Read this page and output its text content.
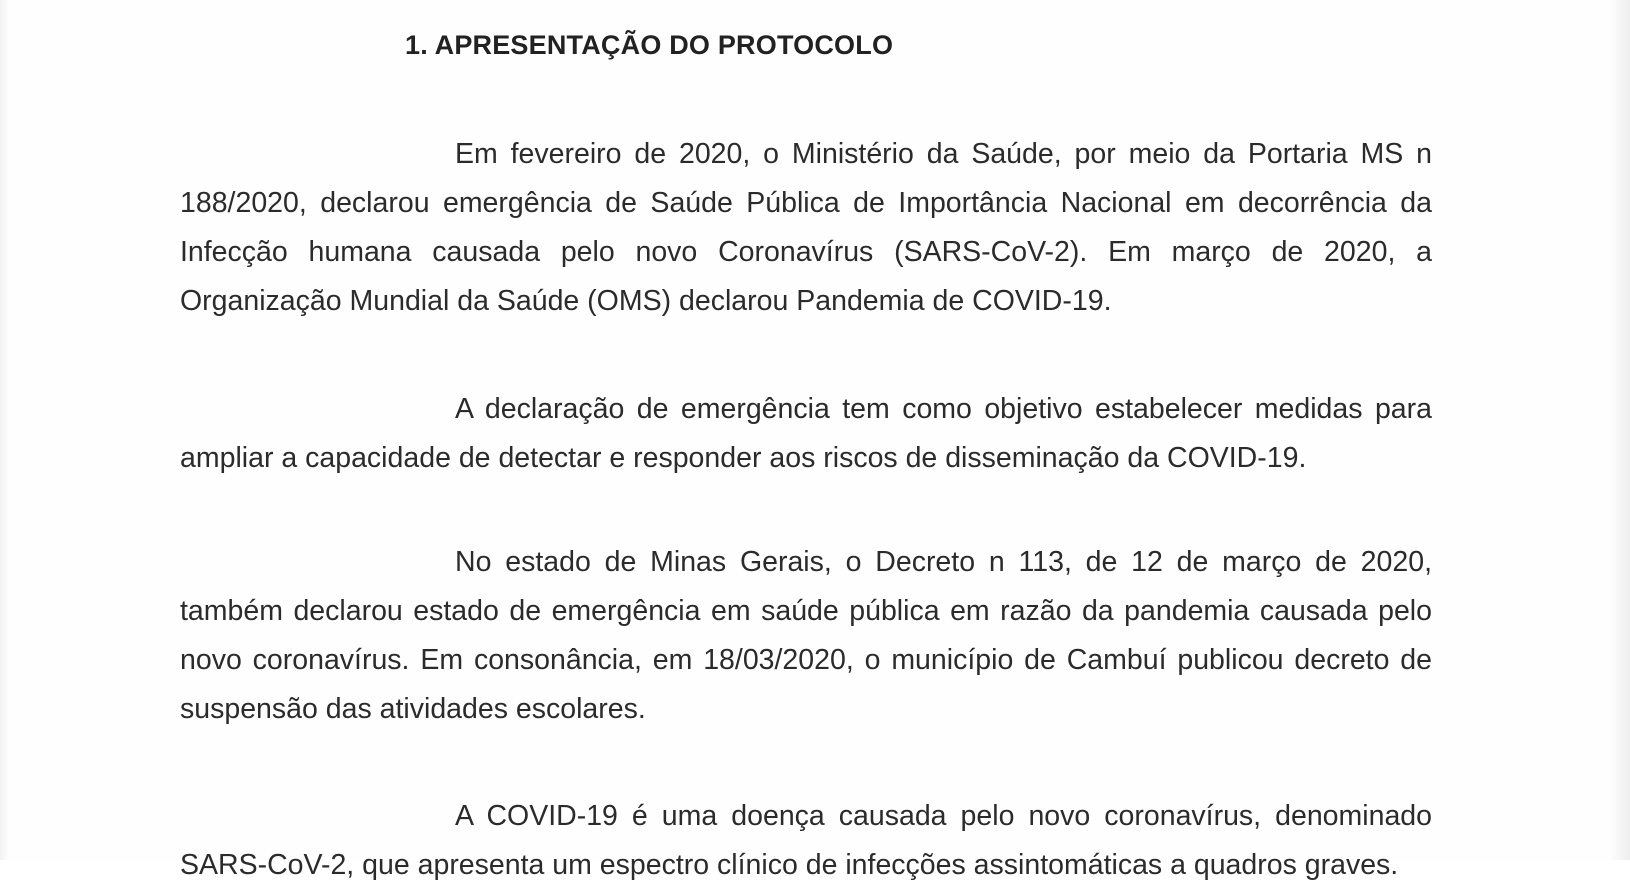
1. APRESENTAÇÃO DO PROTOCOLO

Em fevereiro de 2020, o Ministério da Saúde, por meio da Portaria MS n 188/2020, declarou emergência de Saúde Pública de Importância Nacional em decorrência da Infecção humana causada pelo novo Coronavírus (SARS-CoV-2). Em março de 2020, a Organização Mundial da Saúde (OMS) declarou Pandemia de COVID-19.

A declaração de emergência tem como objetivo estabelecer medidas para ampliar a capacidade de detectar e responder aos riscos de disseminação da COVID-19.

No estado de Minas Gerais, o Decreto n 113, de 12 de março de 2020, também declarou estado de emergência em saúde pública em razão da pandemia causada pelo novo coronavírus. Em consonância, em 18/03/2020, o município de Cambuí publicou decreto de suspensão das atividades escolares.

A COVID-19 é uma doença causada pelo novo coronavírus, denominado SARS-CoV-2, que apresenta um espectro clínico de infecções assintomáticas a quadros graves.
